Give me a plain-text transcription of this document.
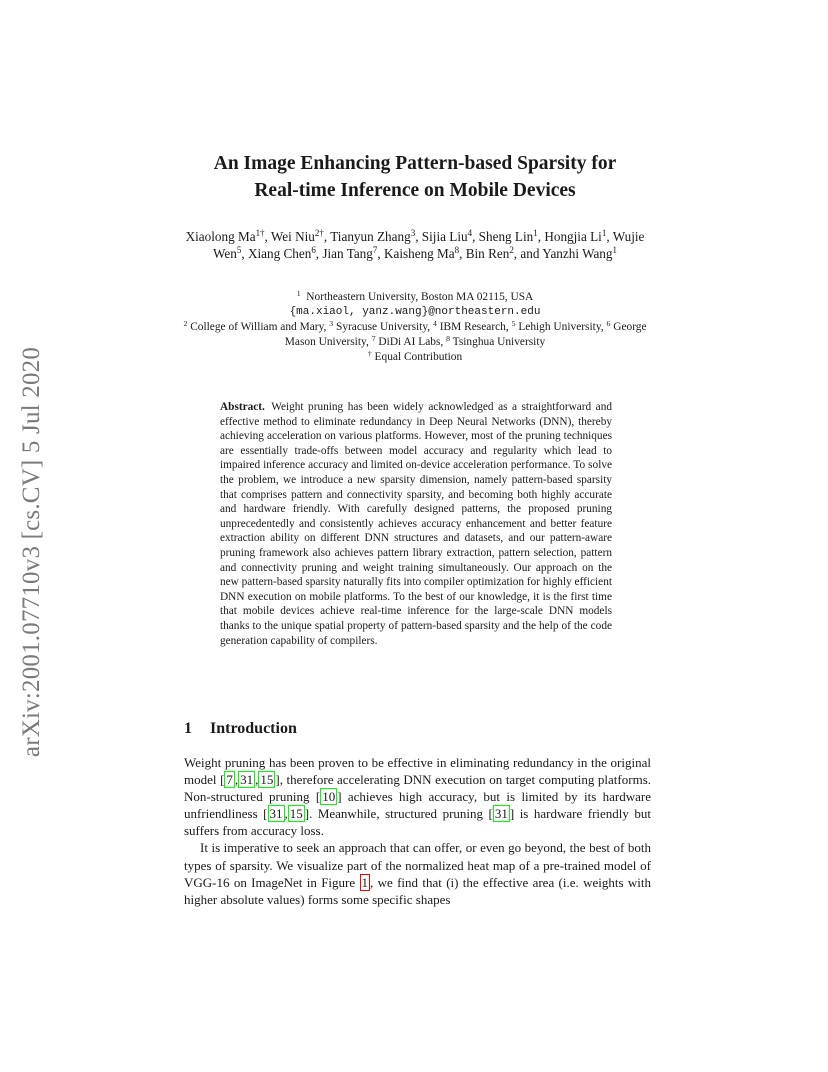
arXiv:2001.07710v3 [cs.CV] 5 Jul 2020
An Image Enhancing Pattern-based Sparsity for
Real-time Inference on Mobile Devices
Xiaolong $Ma^{1\dagger}$, Wei Niu$^{2\dagger}$, Tianyun Zhang$^3$, Sijia Liu$^4$, Sheng Lin$^1$, Hongjia Li$^1$, Wujie Wen$^5$, Xiang Chen$^6$, Jian Tang$^7$, Kaisheng Ma$^8$, Bin Ren$^2$, and Yanzhi Wang$^1$
$^1$ Northeastern University, Boston MA 02115, USA
{ma.xiaol, yanz.wang}@northeastern.edu
$^2$ College of William and Mary, $^3$ Syracuse University, $^4$ IBM Research, $^5$ Lehigh University, $^6$ George Mason University, $^7$ DiDi AI Labs, $^8$ Tsinghua University
† Equal Contribution
Abstract. Weight pruning has been widely acknowledged as a straightforward and effective method to eliminate redundancy in Deep Neural Networks (DNN), thereby achieving acceleration on various platforms. However, most of the pruning techniques are essentially trade-offs between model accuracy and regularity which lead to impaired inference accuracy and limited on-device acceleration performance. To solve the problem, we introduce a new sparsity dimension, namely pattern-based sparsity that comprises pattern and connectivity sparsity, and becoming both highly accurate and hardware friendly. With carefully designed patterns, the proposed pruning unprecedentedly and consistently achieves accuracy enhancement and better feature extraction ability on different DNN structures and datasets, and our pattern-aware pruning framework also achieves pattern library extraction, pattern selection, pattern and connectivity pruning and weight training simultaneously. Our approach on the new pattern-based sparsity naturally fits into compiler optimization for highly efficient DNN execution on mobile platforms. To the best of our knowledge, it is the first time that mobile devices achieve real-time inference for the large-scale DNN models thanks to the unique spatial property of pattern-based sparsity and the help of the code generation capability of compilers.
1 Introduction

Weight pruning has been proven to be effective in eliminating redundancy in the original model [ 7 , 31 , 15 ], therefore accelerating DNN execution on target computing platforms. Non-structured pruning [ 10 ] achieves high accuracy, but is limited by its hardware unfriendliness [ 31 , 15 ]. Meanwhile, structured pruning [ 31 ] is hardware friendly but suffers from accuracy loss.

It is imperative to seek an approach that can offer, or even go beyond, the best of both types of sparsity. We visualize part of the normalized heat map of a pre-trained model of VGG-16 on ImageNet in Figure 1 , we find that (i) the effective area (i.e. weights with higher absolute values) forms some specific shapes
